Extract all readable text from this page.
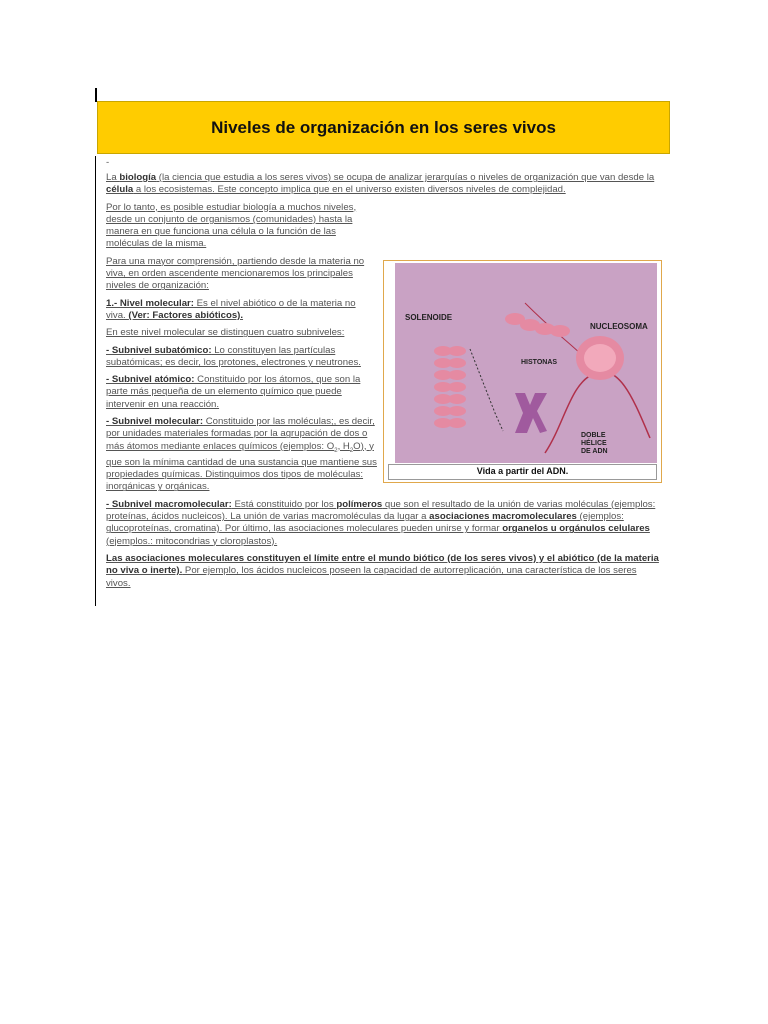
Niveles de organización en los seres vivos

-

La biología (la ciencia que estudia a los seres vivos) se ocupa de analizar jerarquías o niveles de organización que van desde la célula a los ecosistemas. Este concepto implica que en el universo existen diversos niveles de complejidad.

SOLENOIDE
NUCLEOSOMA
HISTONAS
DOBLE
HÉLICE
DE ADN
Vida a partir del ADN.

Por lo tanto, es posible estudiar biología a muchos niveles, desde un conjunto de organismos (comunidades) hasta la manera en que funciona una célula o la función de las moléculas de la misma.

Para una mayor comprensión, partiendo desde la materia no viva, en orden ascendente mencionaremos los principales niveles de organización:

1.- Nivel molecular: Es el nivel abiótico o de la materia no viva. (Ver: Factores abióticos).

En este nivel molecular se distinguen cuatro subniveles:

- Subnivel subatómico: Lo constituyen las partículas subatómicas; es decir, los protones, electrones y neutrones.

- Subnivel atómico: Constituido por los átomos, que son la parte más pequeña de un elemento químico que puede intervenir en una reacción.

- Subnivel molecular: Constituido por las moléculas;, es decir, por unidades materiales formadas por la agrupación de dos o más átomos mediante enlaces químicos (ejemplos: $O_2$, $H_2O$), y que son la mínima cantidad de una sustancia que mantiene sus propiedades químicas. Distinguimos dos tipos de moléculas: inorgánicas y orgánicas.

- Subnivel macromolecular: Está constituido por los polímeros que son el resultado de la unión de varias moléculas (ejemplos: proteínas, ácidos nucleicos). La unión de varias macromoléculas da lugar a asociaciones macromoleculares (ejemplos: glucoproteínas, cromatina). Por último, las asociaciones moleculares pueden unirse y formar organelos u orgánulos celulares (ejemplos.: mitocondrias y cloroplastos).

Las asociaciones moleculares constituyen el límite entre el mundo biótico (de los seres vivos) y el abiótico (de la materia no viva o inerte). Por ejemplo, los ácidos nucleicos poseen la capacidad de autorreplicación, una característica de los seres vivos.
